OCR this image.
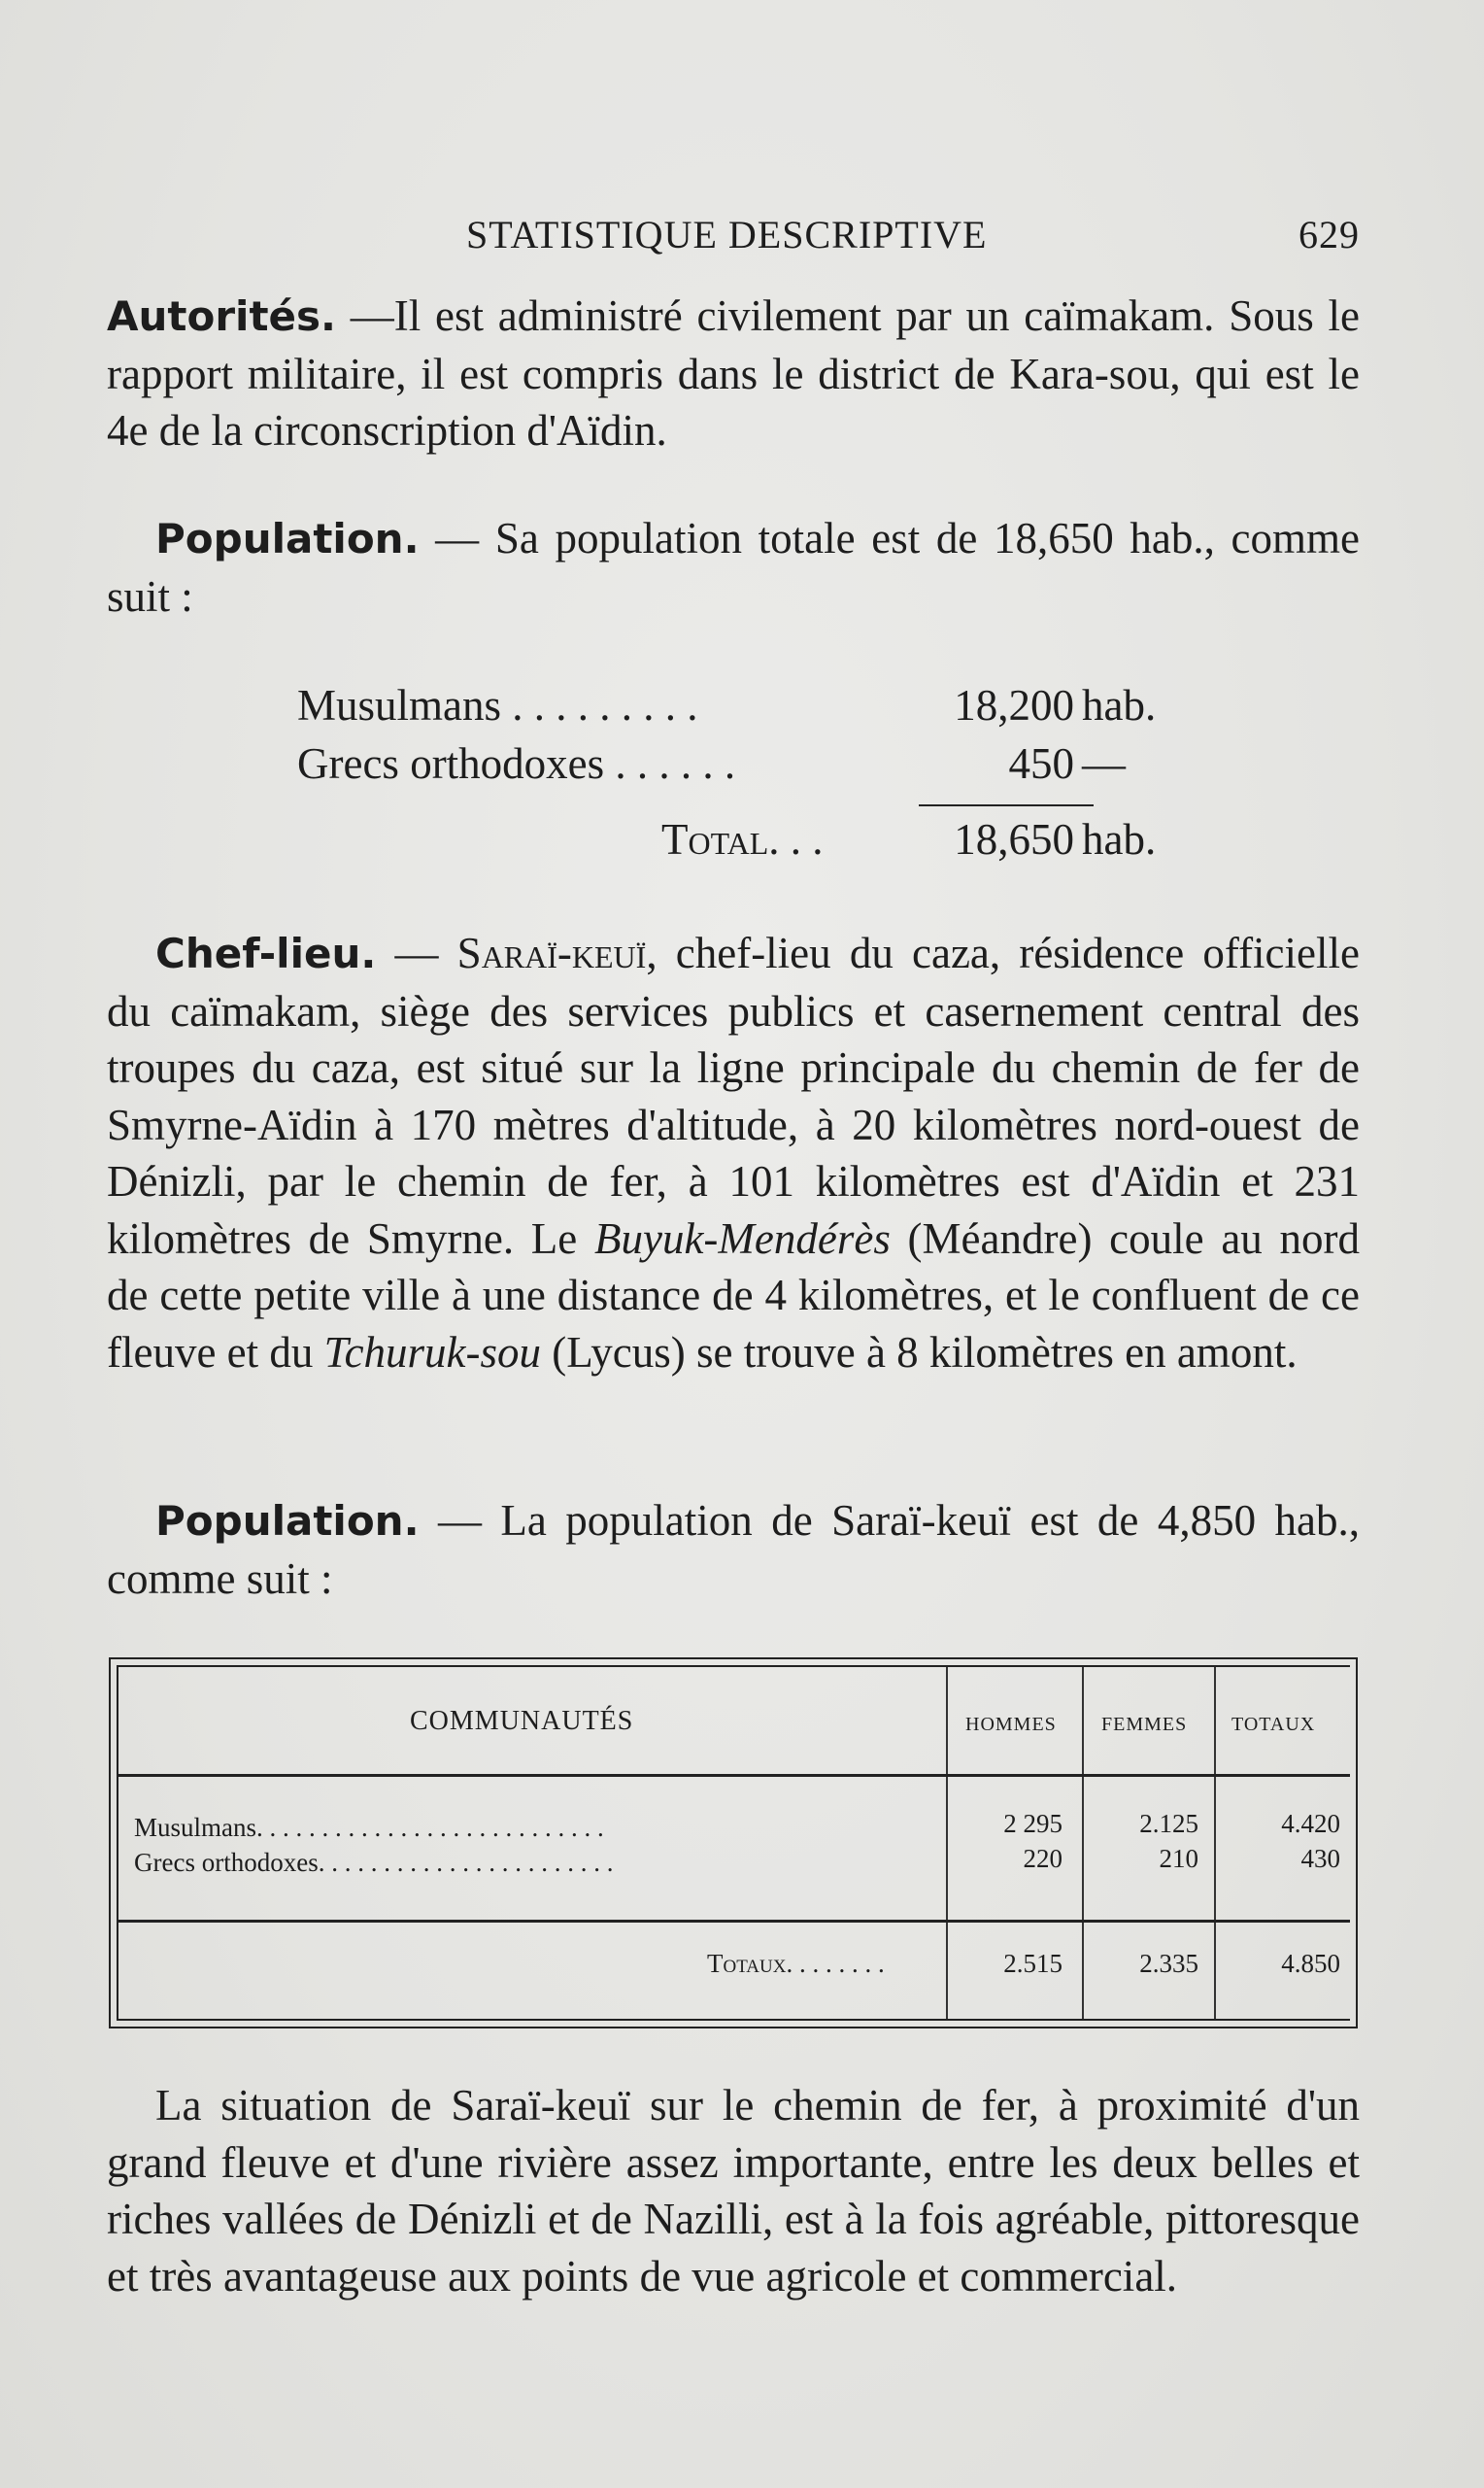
STATISTIQUE DESCRIPTIVE	629

Autorités. —Il est administré civilement par un caïmakam. Sous le rapport militaire, il est compris dans le district de Kara-sou, qui est le 4e de la circonscription d'Aïdin.

Population. — Sa population totale est de 18,650 hab., comme suit :

Musulmans . . . . . . . . .	18,200 hab.
Grecs orthodoxes . . . . . .	450 —
Total. . .	18,650 hab.

Chef-lieu. — Saraï-keuï, chef-lieu du caza, résidence officielle du caïmakam, siège des services publics et casernement central des troupes du caza, est situé sur la ligne principale du chemin de fer de Smyrne-Aïdin à 170 mètres d'altitude, à 20 kilomètres nord-ouest de Dénizli, par le chemin de fer, à 101 kilomètres est d'Aïdin et 231 kilomètres de Smyrne. Le Buyuk-Mendérès (Méandre) coule au nord de cette petite ville à une distance de 4 kilomètres, et le confluent de ce fleuve et du Tchuruk-sou (Lycus) se trouve à 8 kilomètres en amont.

Population. — La population de Saraï-keuï est de 4,850 hab., comme suit :

COMMUNAUTÉS	HOMMES FEMMES TOTAUX
Musulmans. . . . . . . . . . . . . . . . . . . . . . . . . . .	2 295	2.125	4.420
Grecs orthodoxes. . . . . . . . . . . . . . . . . . . . . . .	220	210	430
Totaux. . . . . . . .	2.515	2.335	4.850

La situation de Saraï-keuï sur le chemin de fer, à proximité d'un grand fleuve et d'une rivière assez importante, entre les deux belles et riches vallées de Dénizli et de Nazilli, est à la fois agréable, pittoresque et très avantageuse aux points de vue agricole et commercial.
